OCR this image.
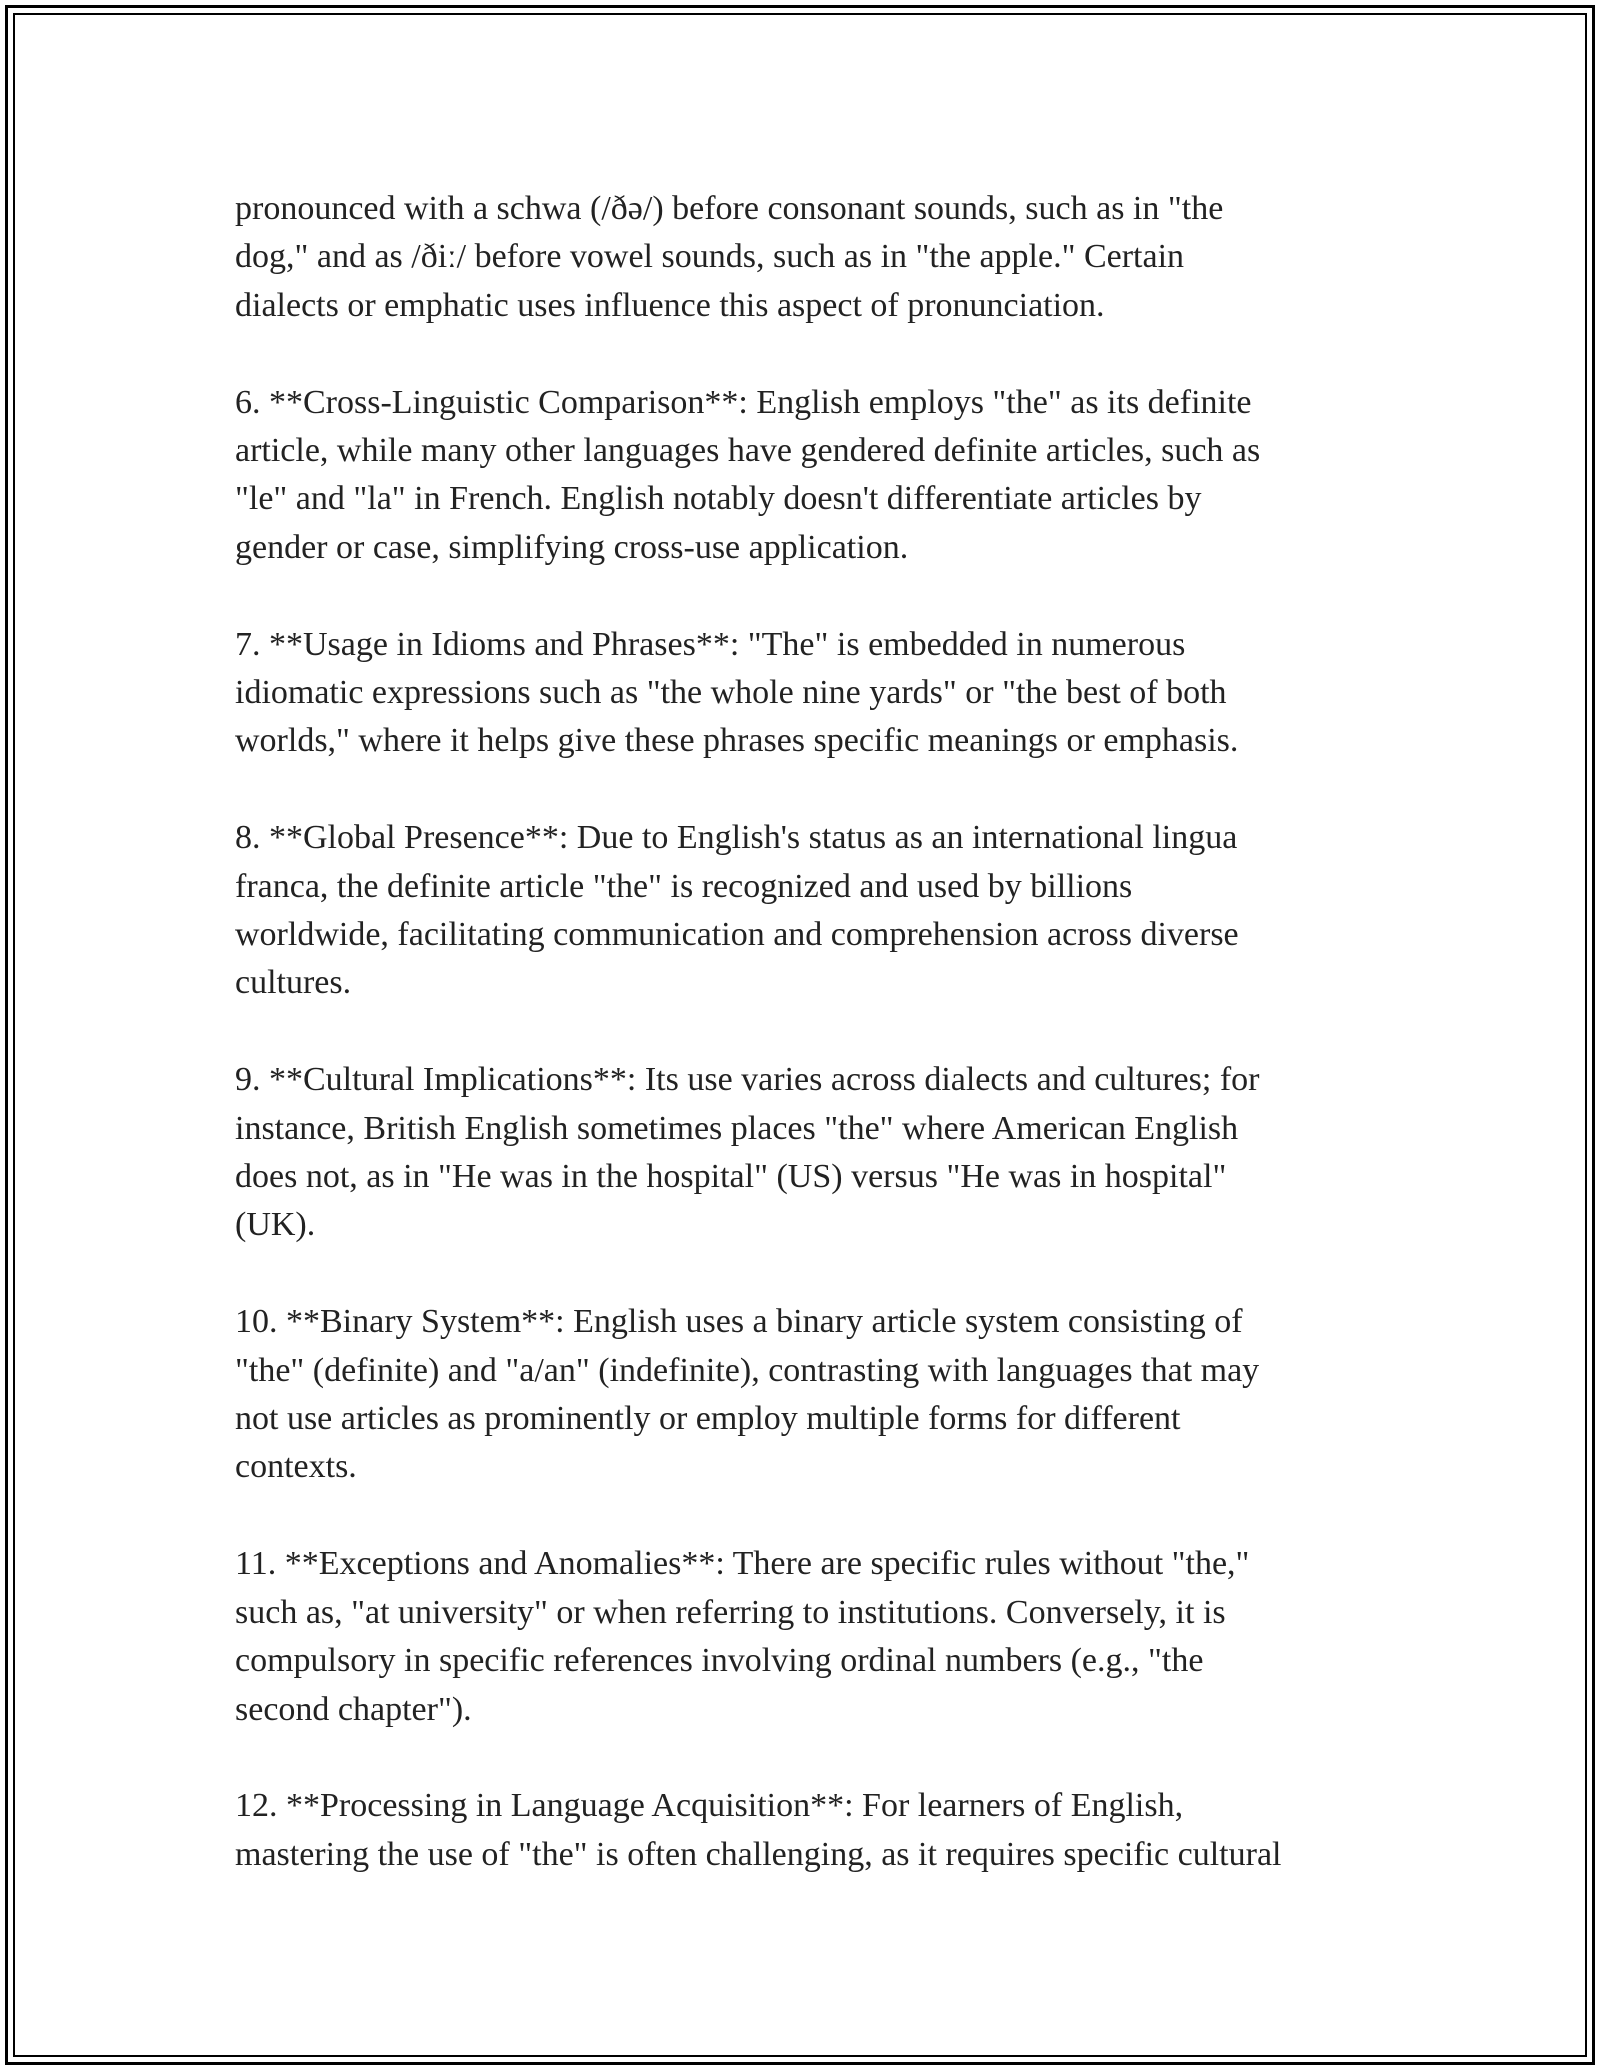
pronounced with a schwa (/ðə/) before consonant sounds, such as in "the
dog," and as /ðiː/ before vowel sounds, such as in "the apple." Certain
dialects or emphatic uses influence this aspect of pronunciation.

6. **Cross-Linguistic Comparison**: English employs "the" as its definite
article, while many other languages have gendered definite articles, such as
"le" and "la" in French. English notably doesn't differentiate articles by
gender or case, simplifying cross-use application.

7. **Usage in Idioms and Phrases**: "The" is embedded in numerous
idiomatic expressions such as "the whole nine yards" or "the best of both
worlds," where it helps give these phrases specific meanings or emphasis.

8. **Global Presence**: Due to English's status as an international lingua
franca, the definite article "the" is recognized and used by billions
worldwide, facilitating communication and comprehension across diverse
cultures.

9. **Cultural Implications**: Its use varies across dialects and cultures; for
instance, British English sometimes places "the" where American English
does not, as in "He was in the hospital" (US) versus "He was in hospital"
(UK).

10. **Binary System**: English uses a binary article system consisting of
"the" (definite) and "a/an" (indefinite), contrasting with languages that may
not use articles as prominently or employ multiple forms for different
contexts.

11. **Exceptions and Anomalies**: There are specific rules without "the,"
such as, "at university" or when referring to institutions. Conversely, it is
compulsory in specific references involving ordinal numbers (e.g., "the
second chapter").

12. **Processing in Language Acquisition**: For learners of English,
mastering the use of "the" is often challenging, as it requires specific cultural
